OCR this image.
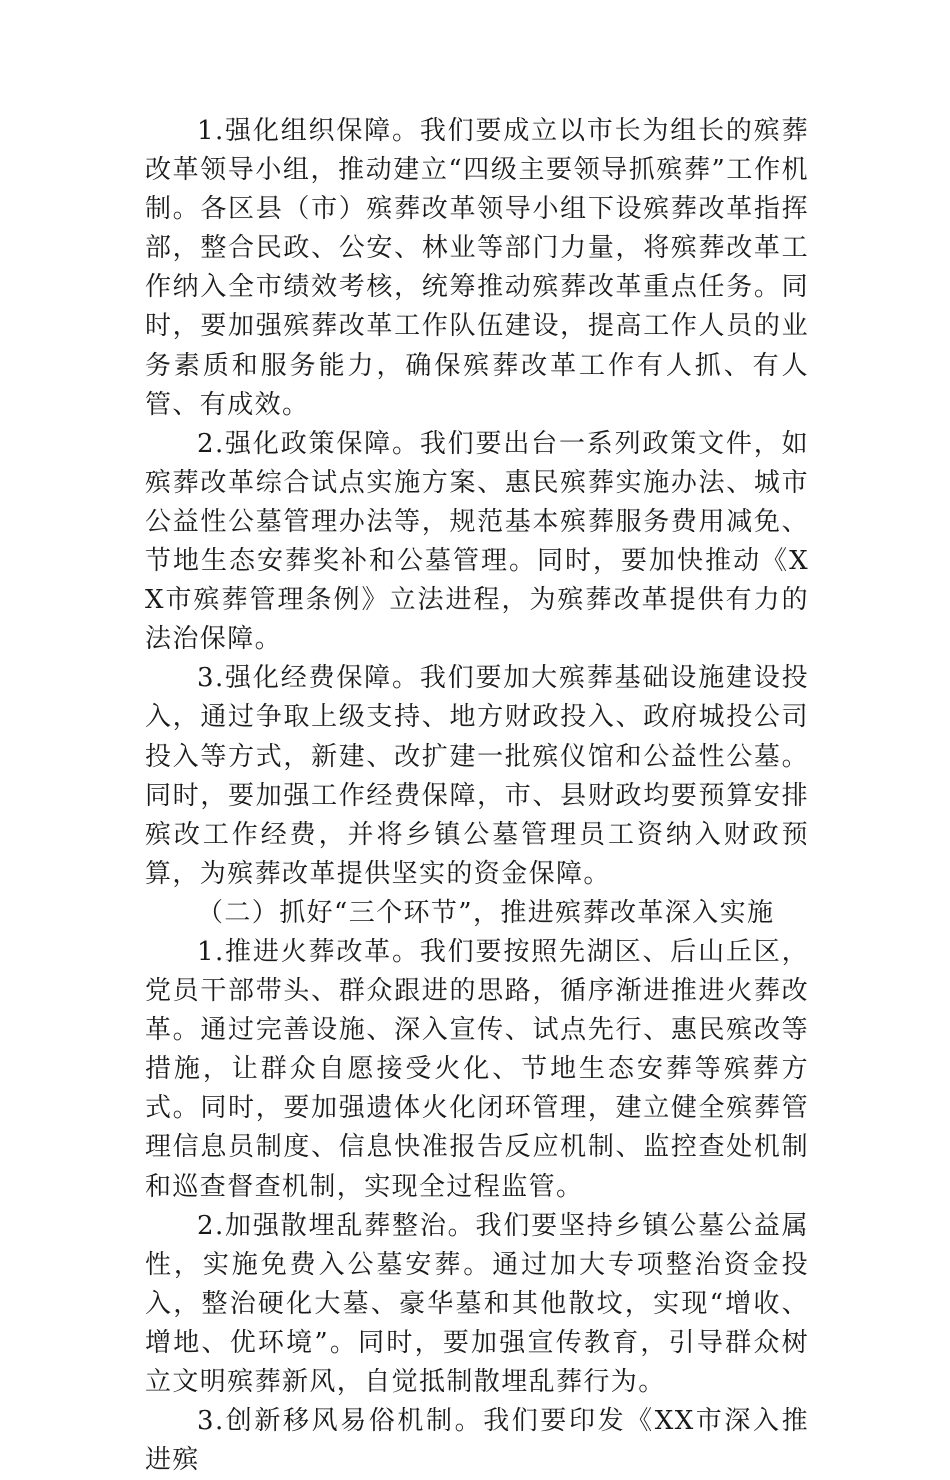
1.强化组织保障。我们要成立以市长为组长的殡葬改革领导小组，推动建立“四级主要领导抓殡葬”工作机制。各区县（市）殡葬改革领导小组下设殡葬改革指挥部，整合民政、公安、林业等部门力量，将殡葬改革工作纳入全市绩效考核，统筹推动殡葬改革重点任务。同时，要加强殡葬改革工作队伍建设，提高工作人员的业务素质和服务能力，确保殡葬改革工作有人抓、有人管、有成效。

2.强化政策保障。我们要出台一系列政策文件，如殡葬改革综合试点实施方案、惠民殡葬实施办法、城市公益性公墓管理办法等，规范基本殡葬服务费用减免、节地生态安葬奖补和公墓管理。同时，要加快推动《XX市殡葬管理条例》立法进程，为殡葬改革提供有力的法治保障。

3.强化经费保障。我们要加大殡葬基础设施建设投入，通过争取上级支持、地方财政投入、政府城投公司投入等方式，新建、改扩建一批殡仪馆和公益性公墓。同时，要加强工作经费保障，市、县财政均要预算安排殡改工作经费，并将乡镇公墓管理员工资纳入财政预算，为殡葬改革提供坚实的资金保障。

（二）抓好“三个环节”，推进殡葬改革深入实施

1.推进火葬改革。我们要按照先湖区、后山丘区，党员干部带头、群众跟进的思路，循序渐进推进火葬改革。通过完善设施、深入宣传、试点先行、惠民殡改等措施，让群众自愿接受火化、节地生态安葬等殡葬方式。同时，要加强遗体火化闭环管理，建立健全殡葬管理信息员制度、信息快准报告反应机制、监控查处机制和巡查督查机制，实现全过程监管。

2.加强散埋乱葬整治。我们要坚持乡镇公墓公益属性，实施免费入公墓安葬。通过加大专项整治资金投入，整治硬化大墓、豪华墓和其他散坟，实现“增收、增地、优环境”。同时，要加强宣传教育，引导群众树立文明殡葬新风，自觉抵制散埋乱葬行为。

3.创新移风易俗机制。我们要印发《XX市深入推进殡
